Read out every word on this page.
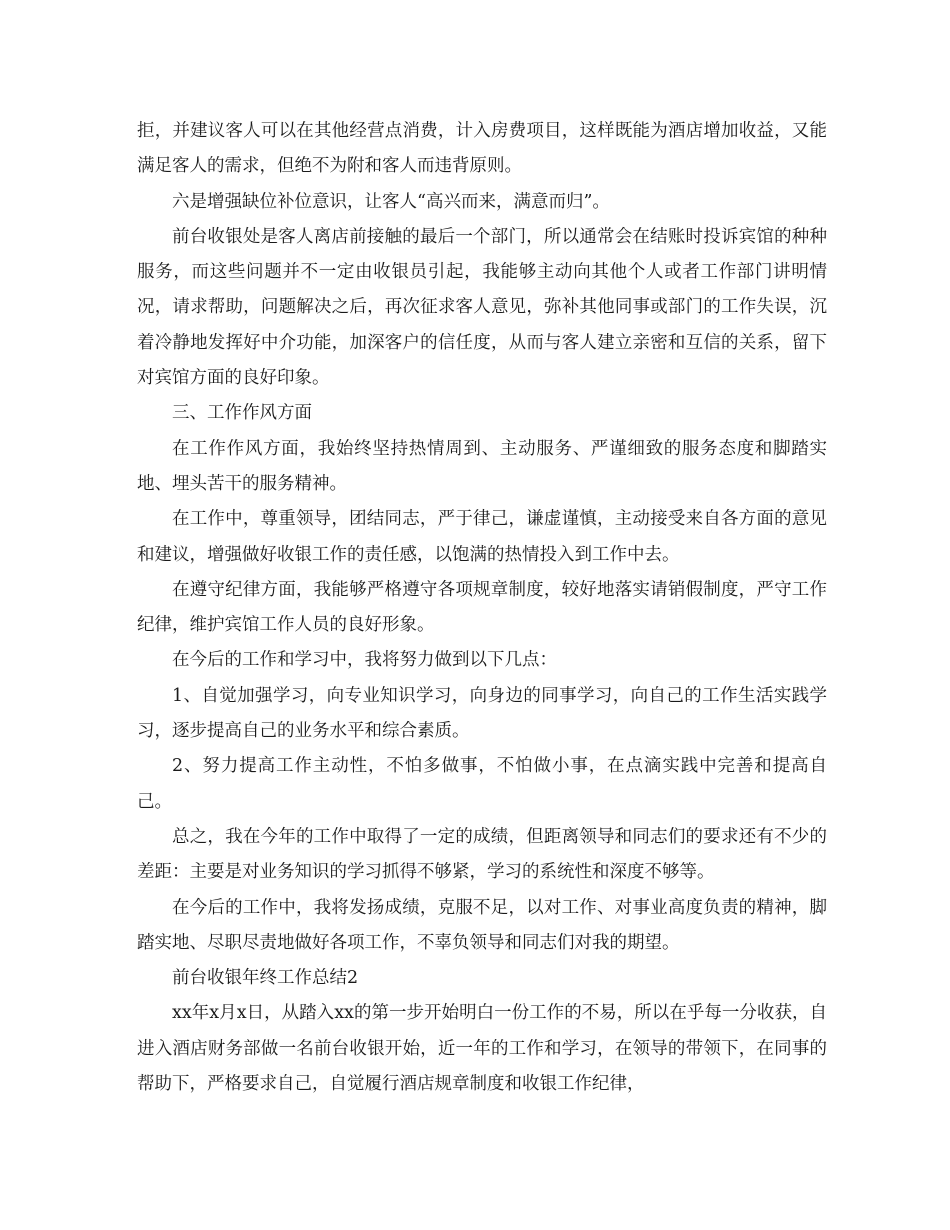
拒，并建议客人可以在其他经营点消费，计入房费项目，这样既能为酒店增加收益，又能满足客人的需求，但绝不为附和客人而违背原则。

六是增强缺位补位意识，让客人“高兴而来，满意而归”。

前台收银处是客人离店前接触的最后一个部门，所以通常会在结账时投诉宾馆的种种服务，而这些问题并不一定由收银员引起，我能够主动向其他个人或者工作部门讲明情况，请求帮助，问题解决之后，再次征求客人意见，弥补其他同事或部门的工作失误，沉着冷静地发挥好中介功能，加深客户的信任度，从而与客人建立亲密和互信的关系，留下对宾馆方面的良好印象。

三、工作作风方面

在工作作风方面，我始终坚持热情周到、主动服务、严谨细致的服务态度和脚踏实地、埋头苦干的服务精神。

在工作中，尊重领导，团结同志，严于律己，谦虚谨慎，主动接受来自各方面的意见和建议，增强做好收银工作的责任感，以饱满的热情投入到工作中去。

在遵守纪律方面，我能够严格遵守各项规章制度，较好地落实请销假制度，严守工作纪律，维护宾馆工作人员的良好形象。

在今后的工作和学习中，我将努力做到以下几点：

1、自觉加强学习，向专业知识学习，向身边的同事学习，向自己的工作生活实践学习，逐步提高自己的业务水平和综合素质。

2、努力提高工作主动性，不怕多做事，不怕做小事，在点滴实践中完善和提高自己。

总之，我在今年的工作中取得了一定的成绩，但距离领导和同志们的要求还有不少的差距：主要是对业务知识的学习抓得不够紧，学习的系统性和深度不够等。

在今后的工作中，我将发扬成绩，克服不足，以对工作、对事业高度负责的精神，脚踏实地、尽职尽责地做好各项工作，不辜负领导和同志们对我的期望。

前台收银年终工作总结2

xx年x月x日，从踏入xx的第一步开始明白一份工作的不易，所以在乎每一分收获，自进入酒店财务部做一名前台收银开始，近一年的工作和学习，在领导的带领下，在同事的帮助下，严格要求自己，自觉履行酒店规章制度和收银工作纪律，
